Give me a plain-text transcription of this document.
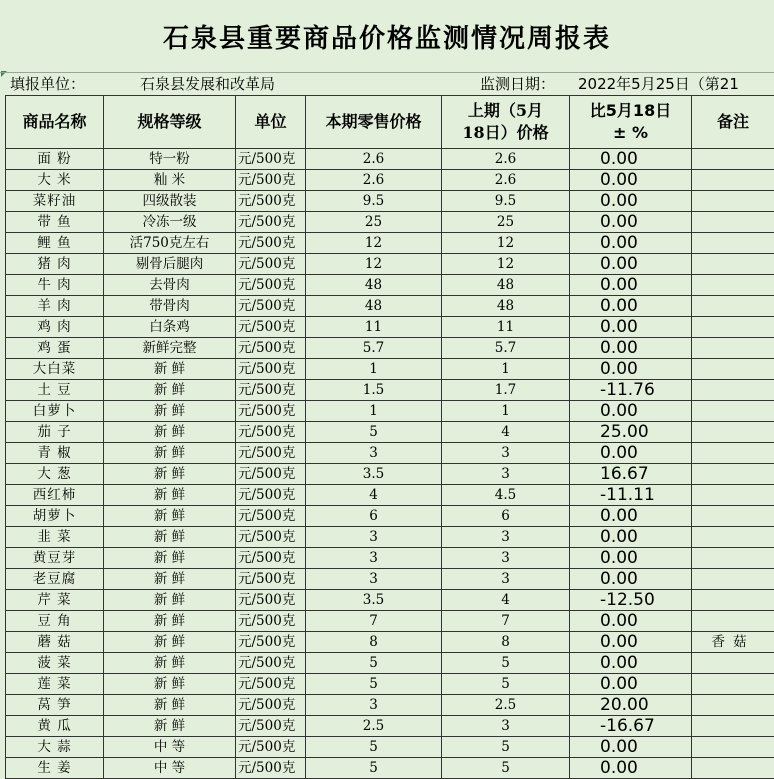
石泉县重要商品价格监测情况周报表
填报单位：	石泉县发展和改革局	监测日期： 2022年5月25日（第21
商品名称	规格等级	单位	本期零售价格	上期（5月
18日）价格	比5月18日
± %	备注
面 粉	特一粉	元/500克	2.6	2.6	0.00	
大 米	籼 米	元/500克	2.6	2.6	0.00	
菜籽油	四级散装	元/500克	9.5	9.5	0.00	
带 鱼	冷冻一级	元/500克	25	25	0.00	
鲤 鱼	活750克左右	元/500克	12	12	0.00	
猪 肉	剔骨后腿肉	元/500克	12	12	0.00	
牛 肉	去骨肉	元/500克	48	48	0.00	
羊 肉	带骨肉	元/500克	48	48	0.00	
鸡 肉	白条鸡	元/500克	11	11	0.00	
鸡 蛋	新鲜完整	元/500克	5.7	5.7	0.00	
大白菜	新 鲜	元/500克	1	1	0.00	
土 豆	新 鲜	元/500克	1.5	1.7	-11.76	
白萝卜	新 鲜	元/500克	1	1	0.00	
茄 子	新 鲜	元/500克	5	4	25.00	
青 椒	新 鲜	元/500克	3	3	0.00	
大 葱	新 鲜	元/500克	3.5	3	16.67	
西红柿	新 鲜	元/500克	4	4.5	-11.11	
胡萝卜	新 鲜	元/500克	6	6	0.00	
韭 菜	新 鲜	元/500克	3	3	0.00	
黄豆芽	新 鲜	元/500克	3	3	0.00	
老豆腐	新 鲜	元/500克	3	3	0.00	
芹 菜	新 鲜	元/500克	3.5	4	-12.50	
豆 角	新 鲜	元/500克	7	7	0.00	
蘑 菇	新 鲜	元/500克	8	8	0.00	香菇
菠 菜	新 鲜	元/500克	5	5	0.00	
莲 菜	新 鲜	元/500克	5	5	0.00	
莴 笋	新 鲜	元/500克	3	2.5	20.00	
黄 瓜	新 鲜	元/500克	2.5	3	-16.67	
大 蒜	中 等	元/500克	5	5	0.00	
生 姜	中 等	元/500克	5	5	0.00	
